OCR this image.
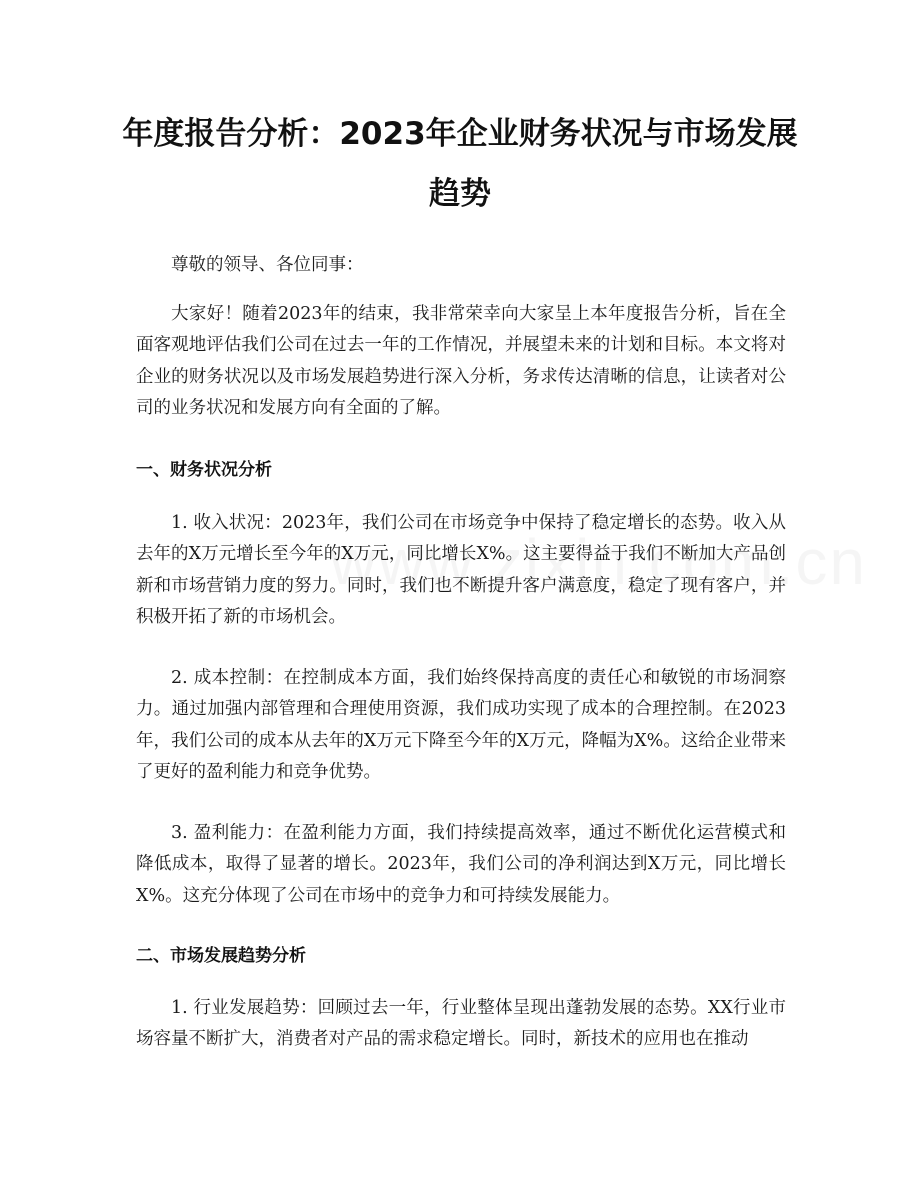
年度报告分析：2023年企业财务状况与市场发展趋势

尊敬的领导、各位同事：

大家好！随着2023年的结束，我非常荣幸向大家呈上本年度报告分析，旨在全面客观地评估我们公司在过去一年的工作情况，并展望未来的计划和目标。本文将对企业的财务状况以及市场发展趋势进行深入分析，务求传达清晰的信息，让读者对公司的业务状况和发展方向有全面的了解。

一、财务状况分析

1. 收入状况：2023年，我们公司在市场竞争中保持了稳定增长的态势。收入从去年的X万元增长至今年的X万元，同比增长X%。这主要得益于我们不断加大产品创新和市场营销力度的努力。同时，我们也不断提升客户满意度，稳定了现有客户，并积极开拓了新的市场机会。

2. 成本控制：在控制成本方面，我们始终保持高度的责任心和敏锐的市场洞察力。通过加强内部管理和合理使用资源，我们成功实现了成本的合理控制。在2023年，我们公司的成本从去年的X万元下降至今年的X万元，降幅为X%。这给企业带来了更好的盈利能力和竞争优势。

3. 盈利能力：在盈利能力方面，我们持续提高效率，通过不断优化运营模式和降低成本，取得了显著的增长。2023年，我们公司的净利润达到X万元，同比增长X%。这充分体现了公司在市场中的竞争力和可持续发展能力。

二、市场发展趋势分析

1. 行业发展趋势：回顾过去一年，行业整体呈现出蓬勃发展的态势。XX行业市场容量不断扩大，消费者对产品的需求稳定增长。同时，新技术的应用也在推动
